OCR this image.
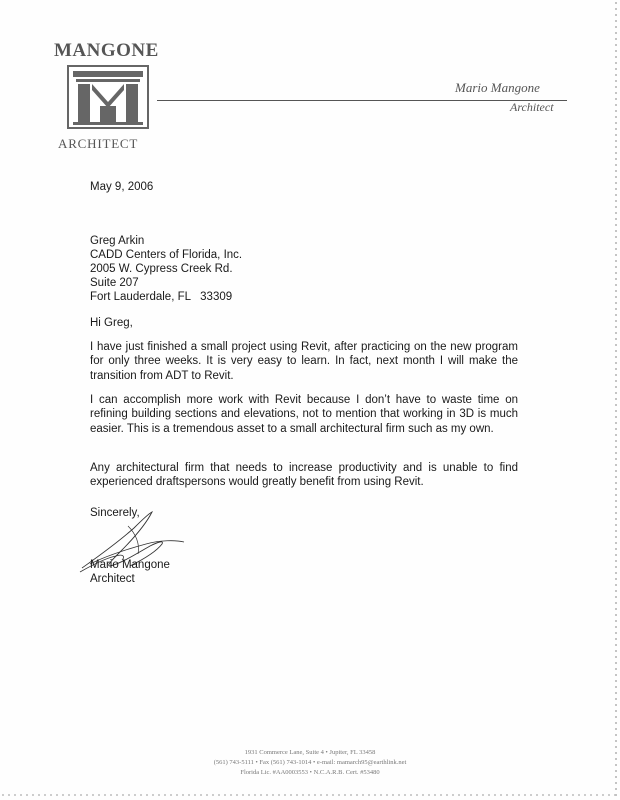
MANGONE
ARCHITECT
Mario Mangone
Architect
May 9, 2006
Greg Arkin
CADD Centers of Florida, Inc.
2005 W. Cypress Creek Rd.
Suite 207
Fort Lauderdale, FL   33309
Hi Greg,
I have just finished a small project using Revit, after practicing on the new program for only three weeks. It is very easy to learn. In fact, next month I will make the transition from ADT to Revit.
I can accomplish more work with Revit because I don’t have to waste time on refining building sections and elevations, not to mention that working in 3D is much easier. This is a tremendous asset to a small architectural firm such as my own.
Any architectural firm that needs to increase productivity and is unable to find experienced draftspersons would greatly benefit from using Revit.
Sincerely,
Mario Mangone
Architect
1931 Commerce Lane, Suite 4 • Jupiter, FL 33458
(561) 743-5111 • Fax (561) 743-1014 • e-mail: mamarch95@earthlink.net
Florida Lic. #AA0003553 • N.C.A.R.B. Cert. #53480
